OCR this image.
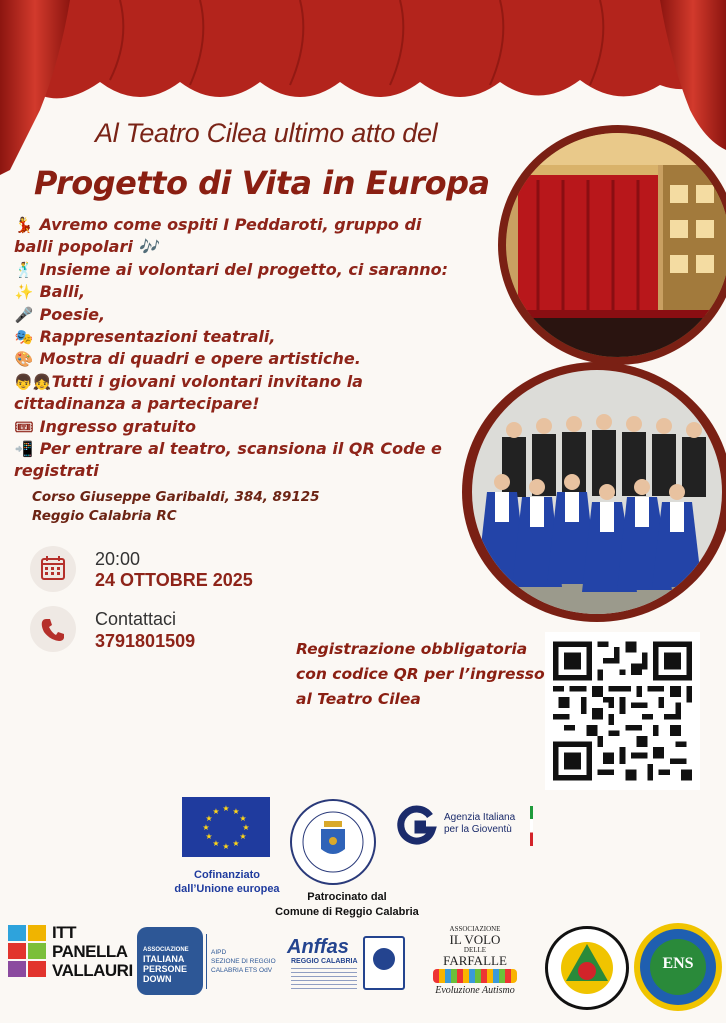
Al Teatro Cilea ultimo atto del
Progetto di Vita in Europa
💃 Avremo come ospiti I Peddaroti, gruppo di
balli popolari 🎶
🕺 Insieme ai volontari del progetto, ci saranno:
✨ Balli,
🎤 Poesie,
🎭 Rappresentazioni teatrali,
🎨 Mostra di quadri e opere artistiche.
👦👧 Tutti i giovani volontari invitano la
cittadinanza a partecipare!
🎟 Ingresso gratuito
📲 Per entrare al teatro, scansiona il QR Code e
registrati
Corso Giuseppe Garibaldi, 384, 89125
Reggio Calabria RC
20:00
24 OTTOBRE 2025
Contattaci
3791801509	Registrazione obbligatoria
con codice QR per l’ingresso
al Teatro Cilea
★ ★
★
★
★
★
★
★
★
★
★
★
Cofinanziato
dall’Unione europea
Patrocinato dal
Comune di Reggio Calabria
Agenzia Italiana
per la Gioventù
ITT
PANELLA
VALLAURI
ASSOCIAZIONE
ITALIANA
PERSONE
DOWN
AIPD
SEZIONE DI REGGIO
CALABRIA ETS OdV
Anffas
REGGIO CALABRIA
ASSOCIAZIONE
IL VOLO
DELLE
FARFALLE
Evoluzione Autismo
ENS
